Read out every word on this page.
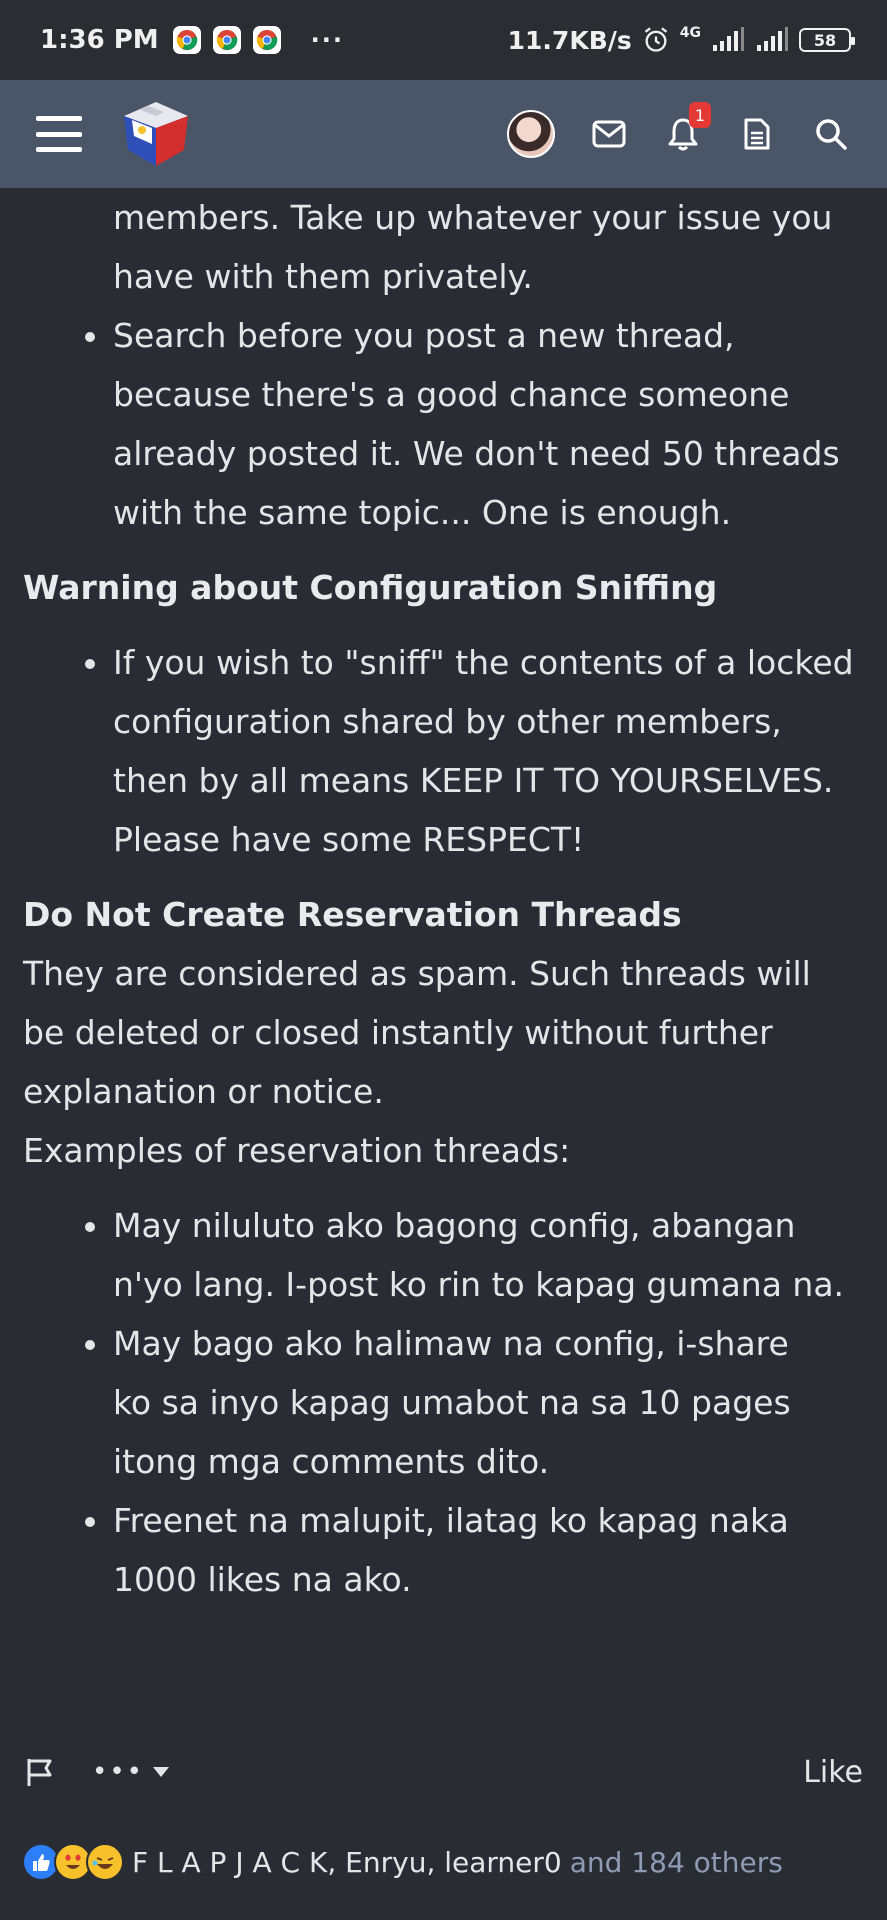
1:36 PM	···	11.7KB/s	4G	58
1
members. Take up whatever your issue you
have with them privately.
Search before you post a new thread,
because there's a good chance someone
already posted it. We don't need 50 threads
with the same topic... One is enough.
Warning about Configuration Sniffing
If you wish to "sniff" the contents of a locked
configuration shared by other members,
then by all means KEEP IT TO YOURSELVES.
Please have some RESPECT!
Do Not Create Reservation Threads
They are considered as spam. Such threads will
be deleted or closed instantly without further
explanation or notice.
Examples of reservation threads:
May niluluto ako bagong config, abangan
n'yo lang. I-post ko rin to kapag gumana na.
May bago ako halimaw na config, i-share
ko sa inyo kapag umabot na sa 10 pages
itong mga comments dito.
Freenet na malupit, ilatag ko kapag naka
1000 likes na ako.
•••	Like
F L A P J A C K, Enryu, learner0 and 184 others
